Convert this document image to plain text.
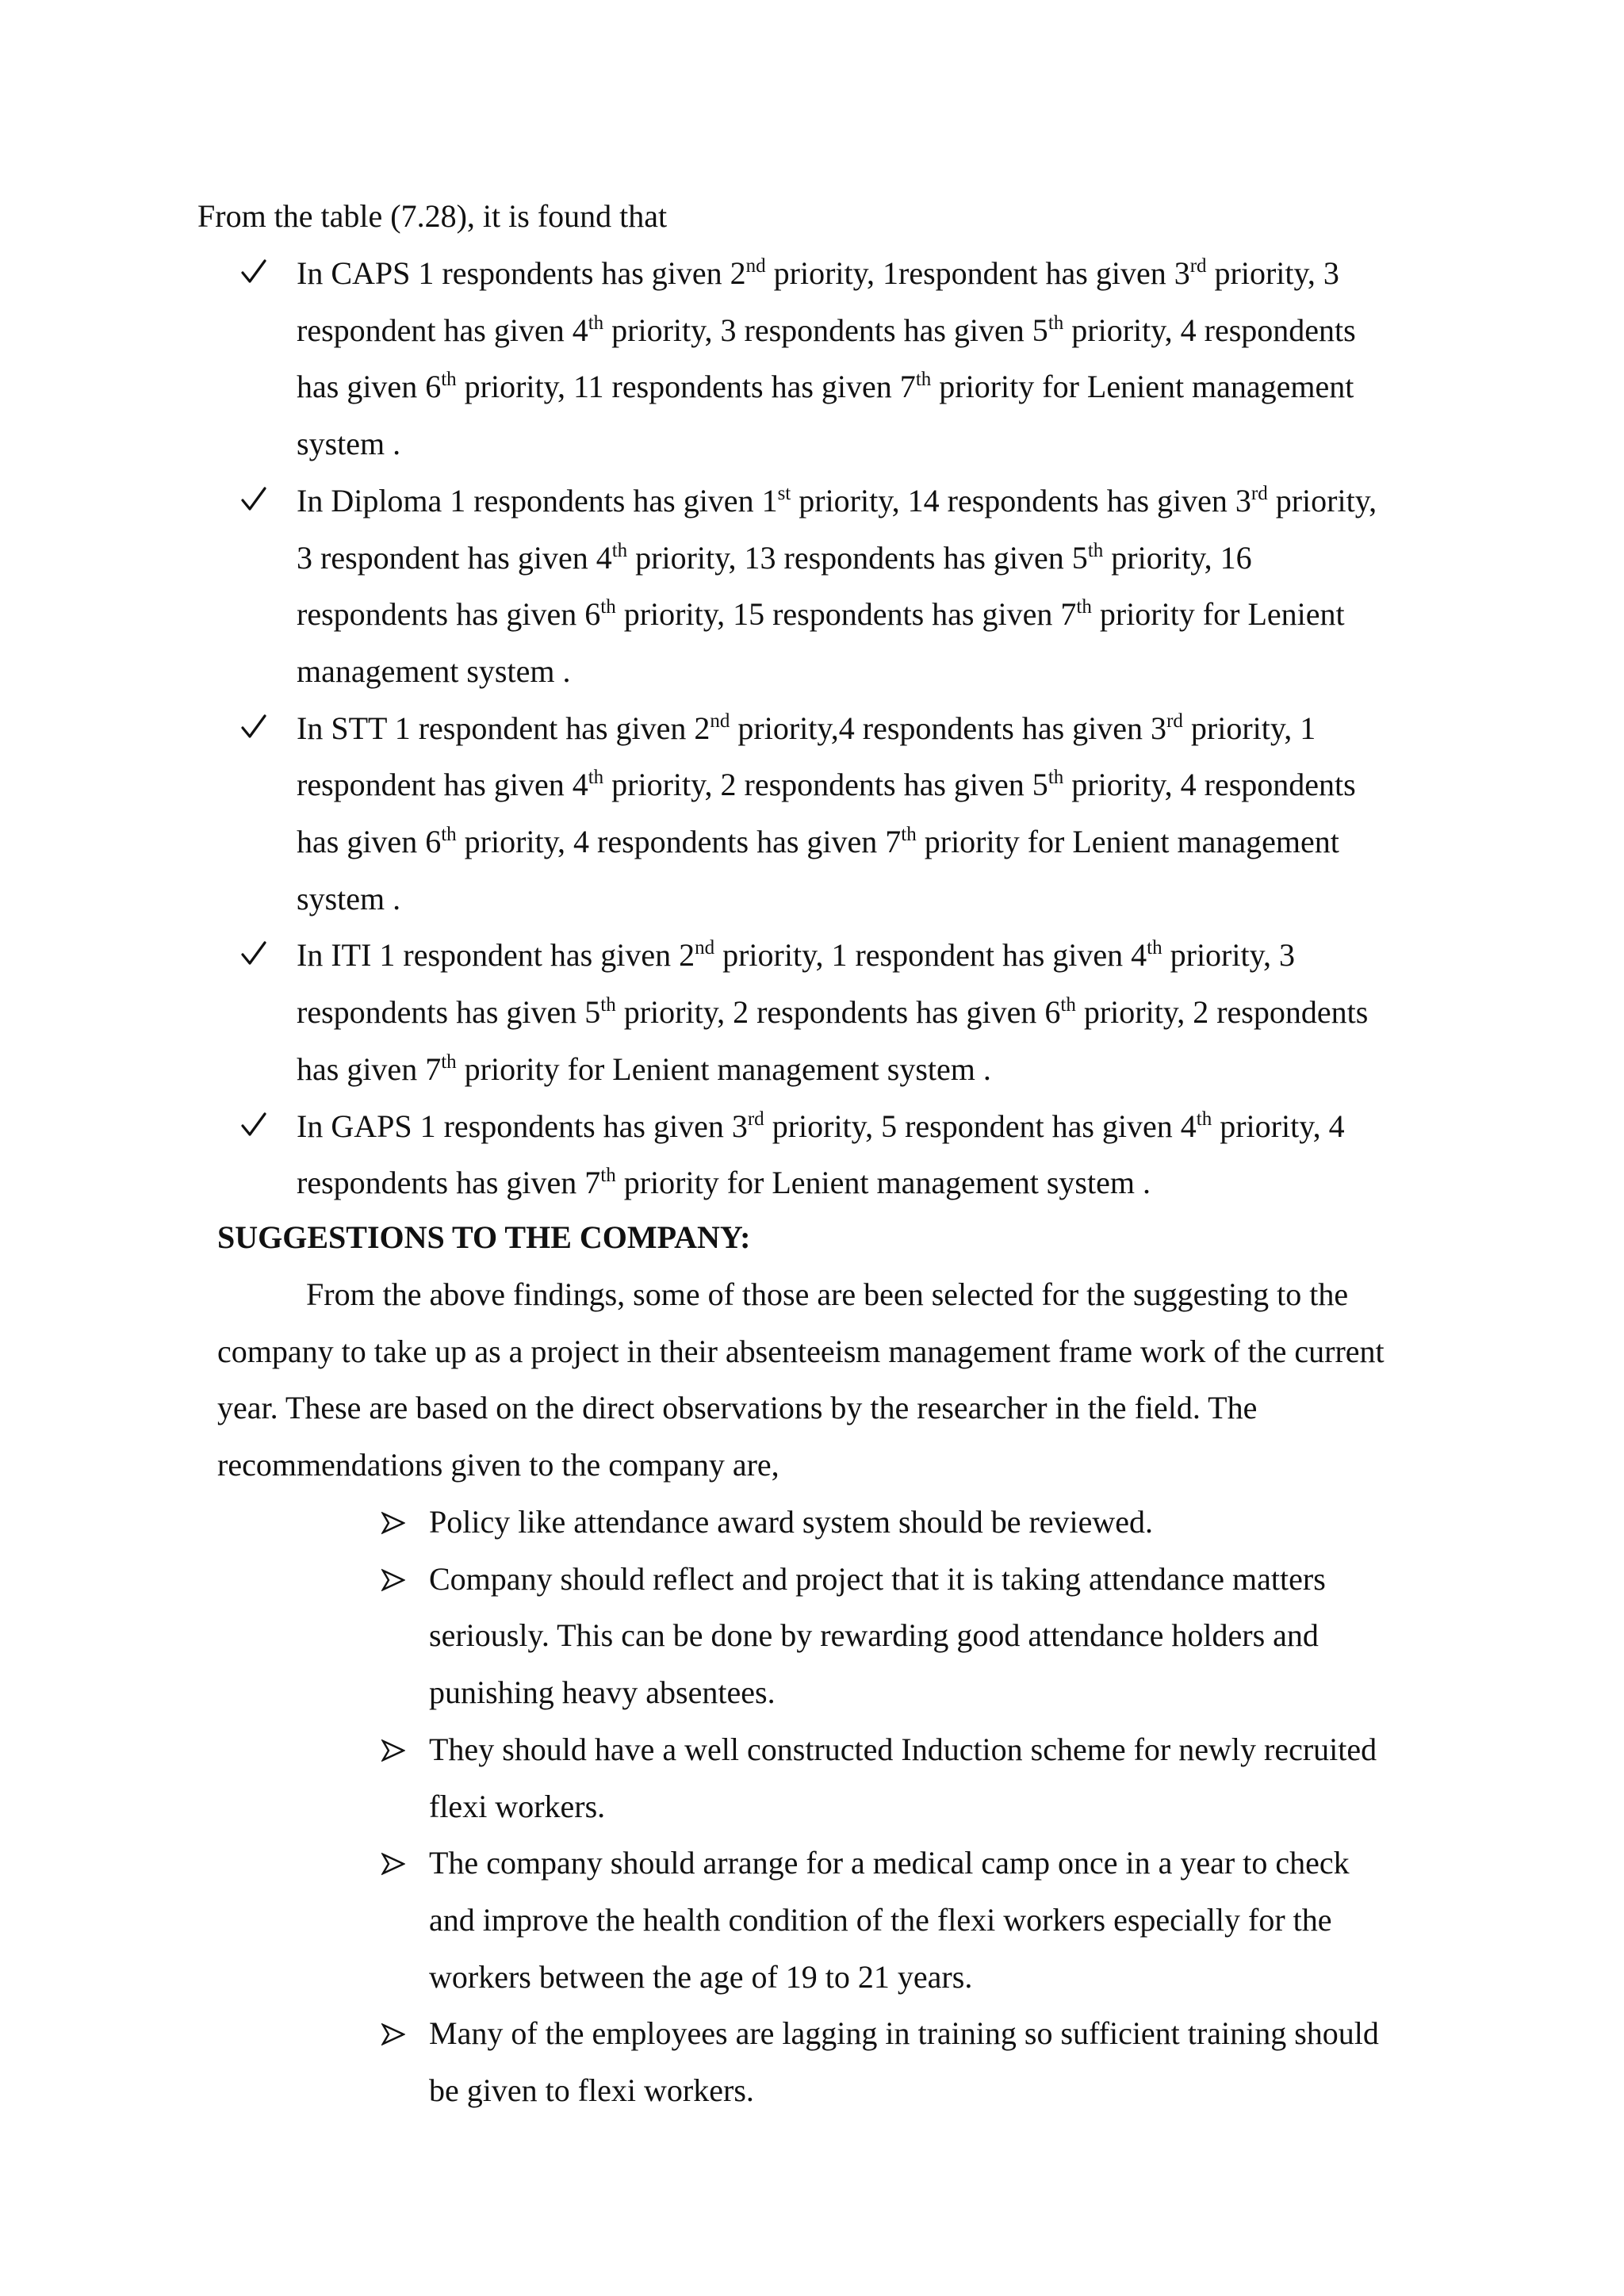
From the table (7.28), it is found that
In CAPS 1 respondents has given 2nd priority, 1respondent has given 3rd priority, 3
respondent has given 4th priority, 3 respondents has given 5th priority, 4 respondents
has given 6th priority, 11 respondents has given 7th priority for Lenient management
system .
In Diploma 1 respondents has given 1st priority, 14 respondents has given 3rd priority,
3 respondent has given 4th priority, 13 respondents has given 5th priority, 16
respondents has given 6th priority, 15 respondents has given 7th priority for Lenient
management system .
In STT 1 respondent has given 2nd priority,4 respondents has given 3rd priority, 1
respondent has given 4th priority, 2 respondents has given 5th priority, 4 respondents
has given 6th priority, 4 respondents has given 7th priority for Lenient management
system .
In ITI 1 respondent has given 2nd priority, 1 respondent has given 4th priority, 3
respondents has given 5th priority, 2 respondents has given 6th priority, 2 respondents
has given 7th priority for Lenient management system .
In GAPS 1 respondents has given 3rd priority, 5 respondent has given 4th priority, 4
respondents has given 7th priority for Lenient management system .
SUGGESTIONS TO THE COMPANY:
From the above findings, some of those are been selected for the suggesting to the
company to take up as a project in their absenteeism management frame work of the current
year. These are based on the direct observations by the researcher in the field. The
recommendations given to the company are,
Policy like attendance award system should be reviewed.
Company should reflect and project that it is taking attendance matters
seriously. This can be done by rewarding good attendance holders and
punishing heavy absentees.
They should have a well constructed Induction scheme for newly recruited
flexi workers.
The company should arrange for a medical camp once in a year to check
and improve the health condition of the flexi workers especially for the
workers between the age of 19 to 21 years.
Many of the employees are lagging in training so sufficient training should
be given to flexi workers.
